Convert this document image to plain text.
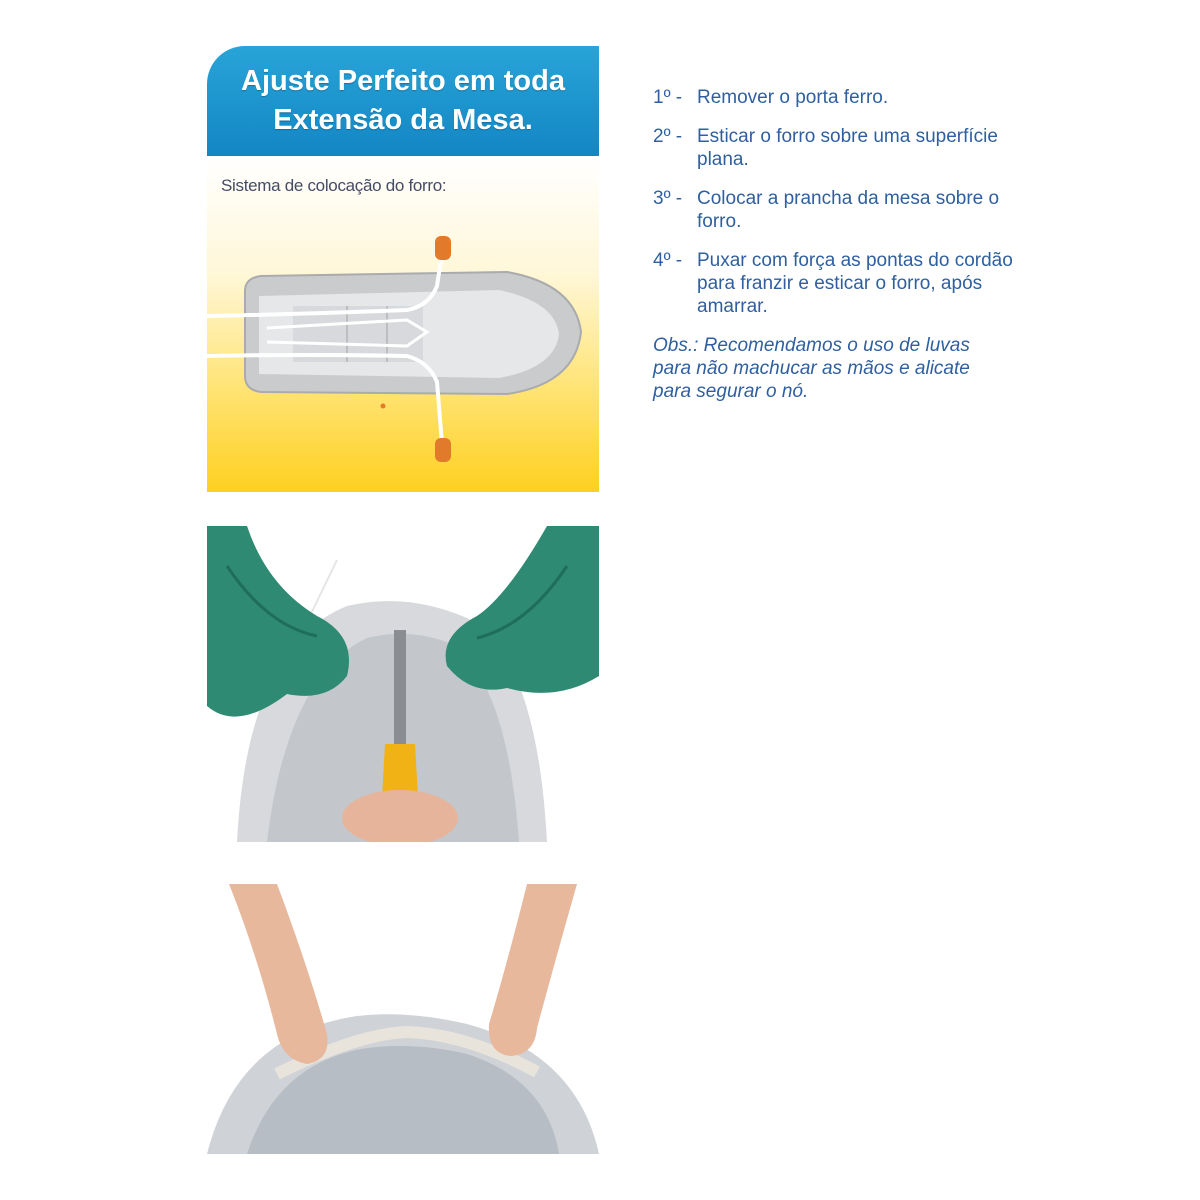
Ajuste Perfeito em toda
Extensão da Mesa.
Sistema de colocação do forro:
1º - Remover o porta ferro.
2º - Esticar o forro sobre uma superfície plana.
3º - Colocar a prancha da mesa sobre o forro.
4º - Puxar com força as pontas do cordão para franzir e esticar o forro, após amarrar.
Obs.: Recomendamos o uso de luvas para não machucar as mãos e alicate para segurar o nó.
